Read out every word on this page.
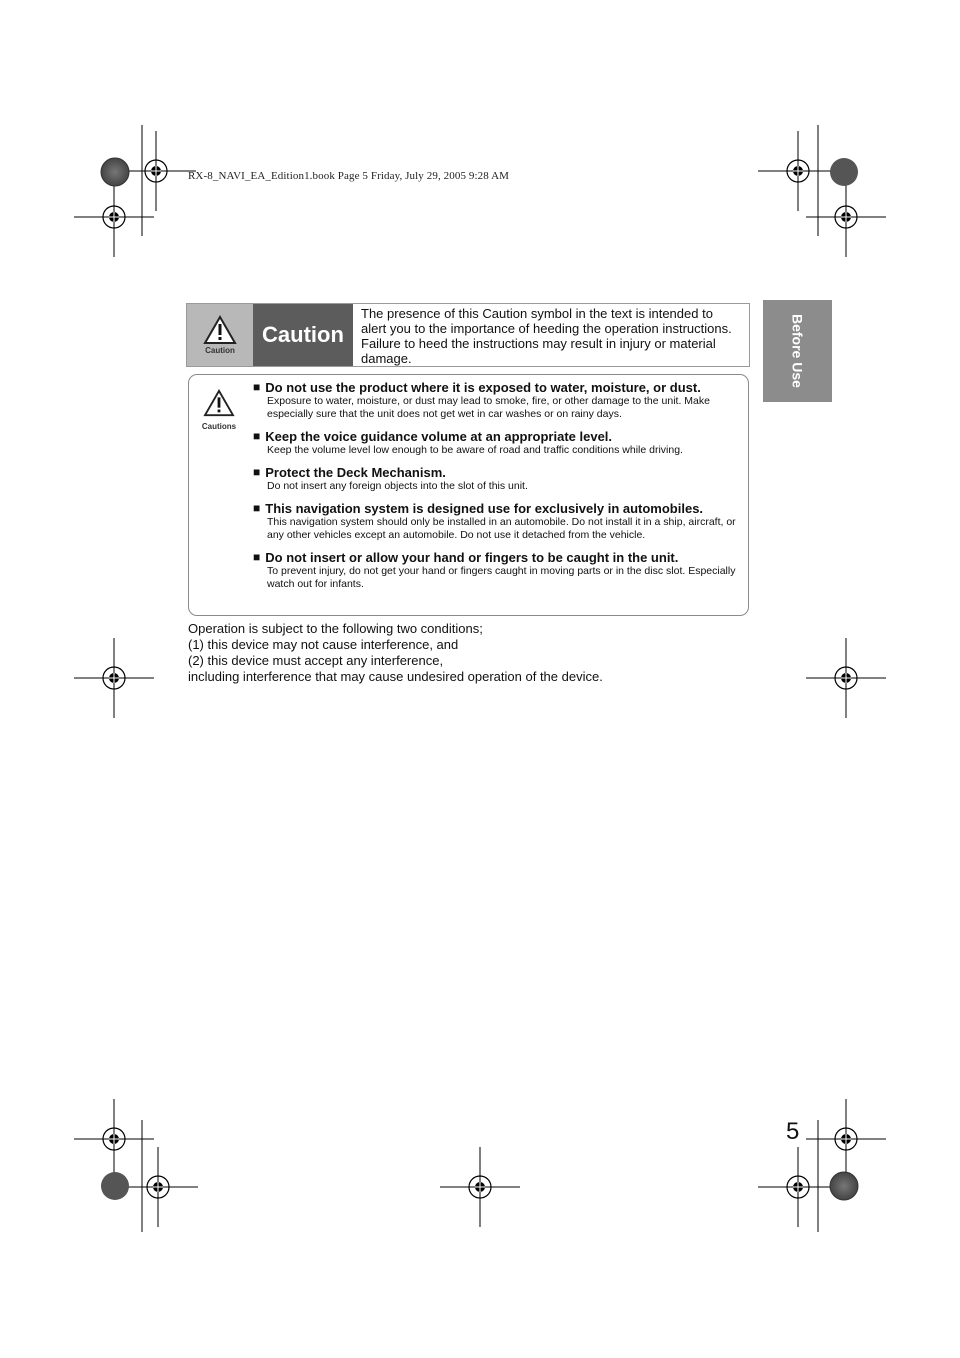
RX-8_NAVI_EA_Edition1.book Page 5 Friday, July 29, 2005 9:28 AM
Before Use
Caution
Caution
The presence of this Caution symbol in the text is intended to alert you to the importance of heeding the operation instructions. Failure to heed the instructions may result in injury or material damage.
Cautions
■ Do not use the product where it is exposed to water, moisture, or dust.
Exposure to water, moisture, or dust may lead to smoke, fire, or other damage to the unit. Make especially sure that the unit does not get wet in car washes or on rainy days.
■ Keep the voice guidance volume at an appropriate level.
Keep the volume level low enough to be aware of road and traffic conditions while driving.
■ Protect the Deck Mechanism.
Do not insert any foreign objects into the slot of this unit.
■ This navigation system is designed use for exclusively in automobiles.
This navigation system should only be installed in an automobile. Do not install it in a ship, aircraft, or any other vehicles except an automobile. Do not use it detached from the vehicle.
■ Do not insert or allow your hand or fingers to be caught in the unit.
To prevent injury, do not get your hand or fingers caught in moving parts or in the disc slot. Especially watch out for infants.
Operation is subject to the following two conditions;
(1) this device may not cause interference, and
(2) this device must accept any interference,
including interference that may cause undesired operation of the device.
5
